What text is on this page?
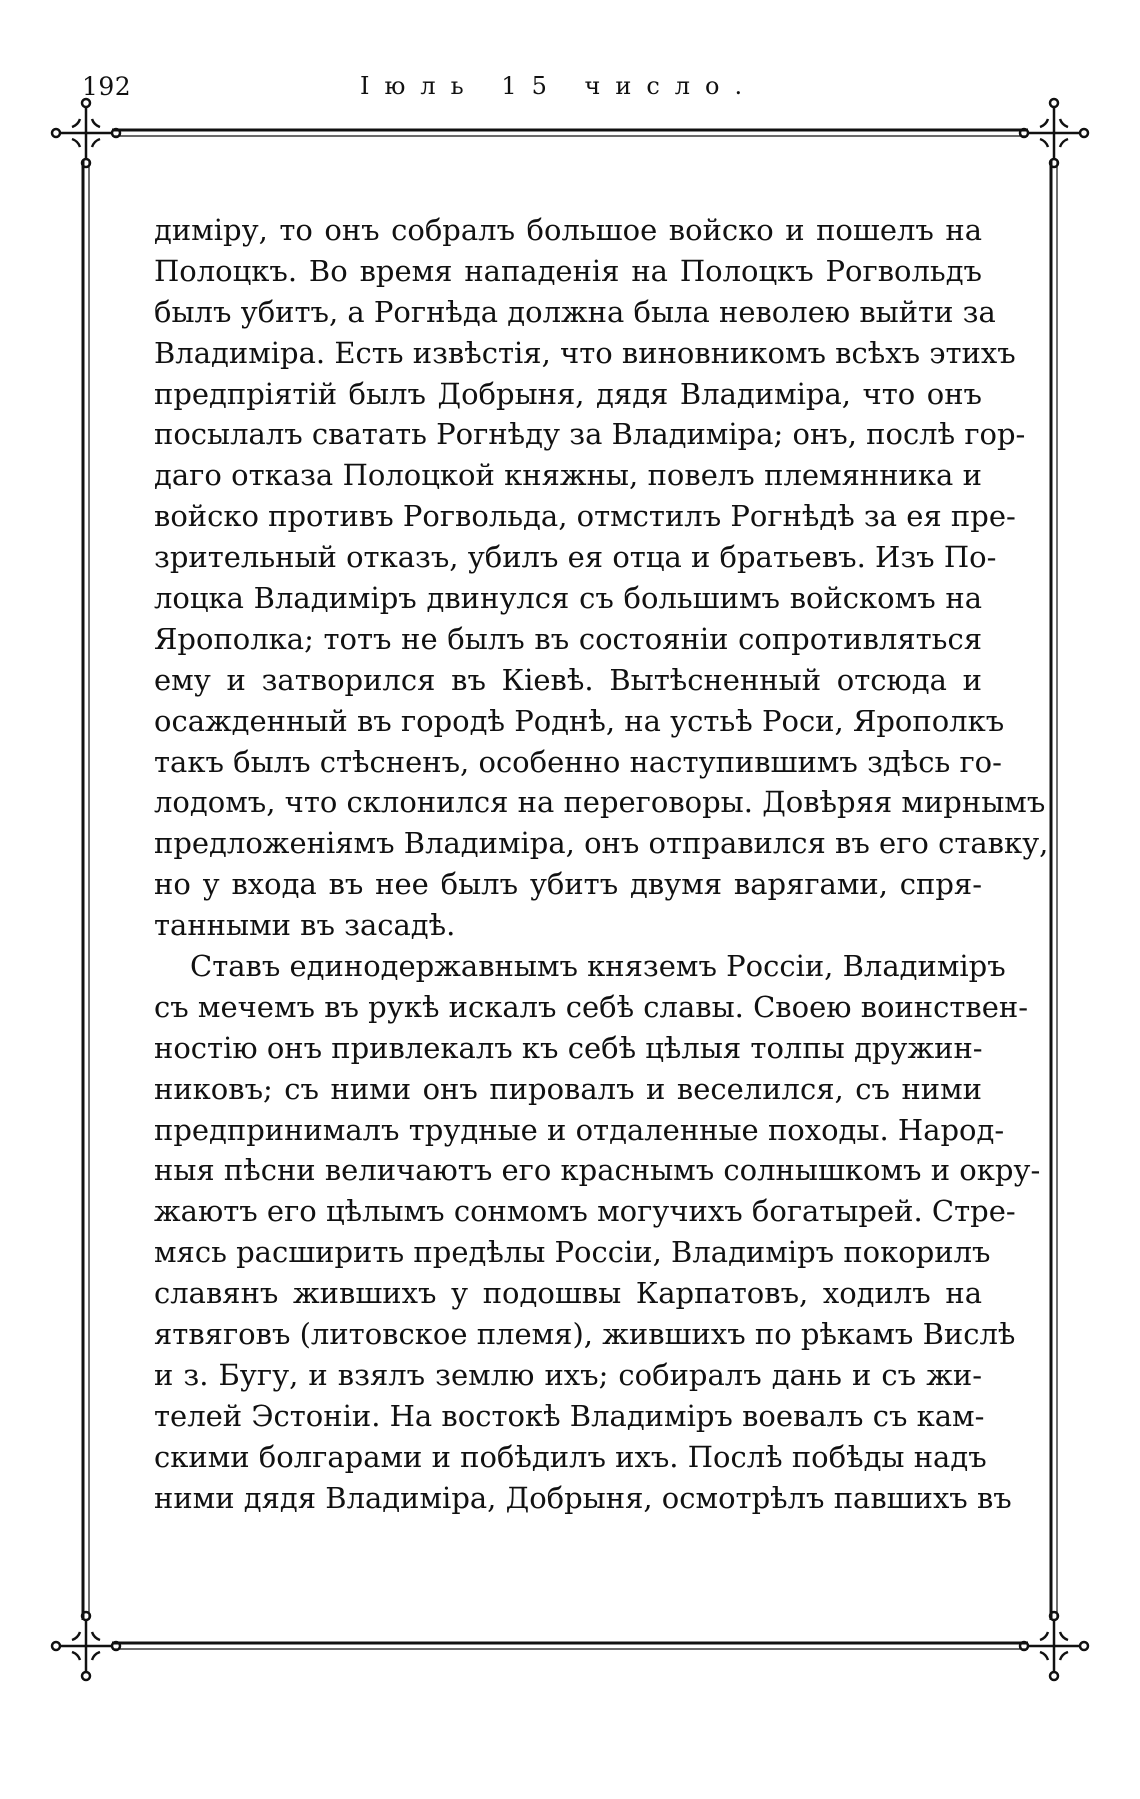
192	Іюль 15 число.
диміру, то онъ собралъ большое войско и пошелъ на
Полоцкъ. Во время нападенія на Полоцкъ Рогвольдъ
былъ убитъ, а Рогнѣда должна была неволею выйти за
Владиміра. Есть извѣстія, что виновникомъ всѣхъ этихъ
предпріятій былъ Добрыня, дядя Владиміра, что онъ
посылалъ сватать Рогнѣду за Владиміра; онъ, послѣ гор-
даго отказа Полоцкой княжны, повелъ племянника и
войско противъ Рогвольда, отмстилъ Рогнѣдѣ за ея пре-
зрительный отказъ, убилъ ея отца и братьевъ. Изъ По-
лоцка Владиміръ двинулся съ большимъ войскомъ на
Ярополка; тотъ не былъ въ состояніи сопротивляться
ему и затворился въ Кіевѣ. Вытѣсненный отсюда и
осажденный въ городѣ Роднѣ, на устьѣ Роси, Ярополкъ
такъ былъ стѣсненъ, особенно наступившимъ здѣсь го-
лодомъ, что склонился на переговоры. Довѣряя мирнымъ
предложеніямъ Владиміра, онъ отправился въ его ставку,
но у входа въ нее былъ убитъ двумя варягами, спря-
танными въ засадѣ.
Ставъ единодержавнымъ княземъ Россіи, Владиміръ
съ мечемъ въ рукѣ искалъ себѣ славы. Своею воинствен-
ностію онъ привлекалъ къ себѣ цѣлыя толпы дружин-
никовъ; съ ними онъ пировалъ и веселился, съ ними
предпринималъ трудные и отдаленные походы. Народ-
ныя пѣсни величаютъ его краснымъ солнышкомъ и окру-
жаютъ его цѣлымъ сонмомъ могучихъ богатырей. Стре-
мясь расширить предѣлы Россіи, Владиміръ покорилъ
славянъ жившихъ у подошвы Карпатовъ, ходилъ на
ятвяговъ (литовское племя), жившихъ по рѣкамъ Вислѣ
и з. Бугу, и взялъ землю ихъ; собиралъ дань и съ жи-
телей Эстоніи. На востокѣ Владиміръ воевалъ съ кам-
скими болгарами и побѣдилъ ихъ. Послѣ побѣды надъ
ними дядя Владиміра, Добрыня, осмотрѣлъ павшихъ въ
